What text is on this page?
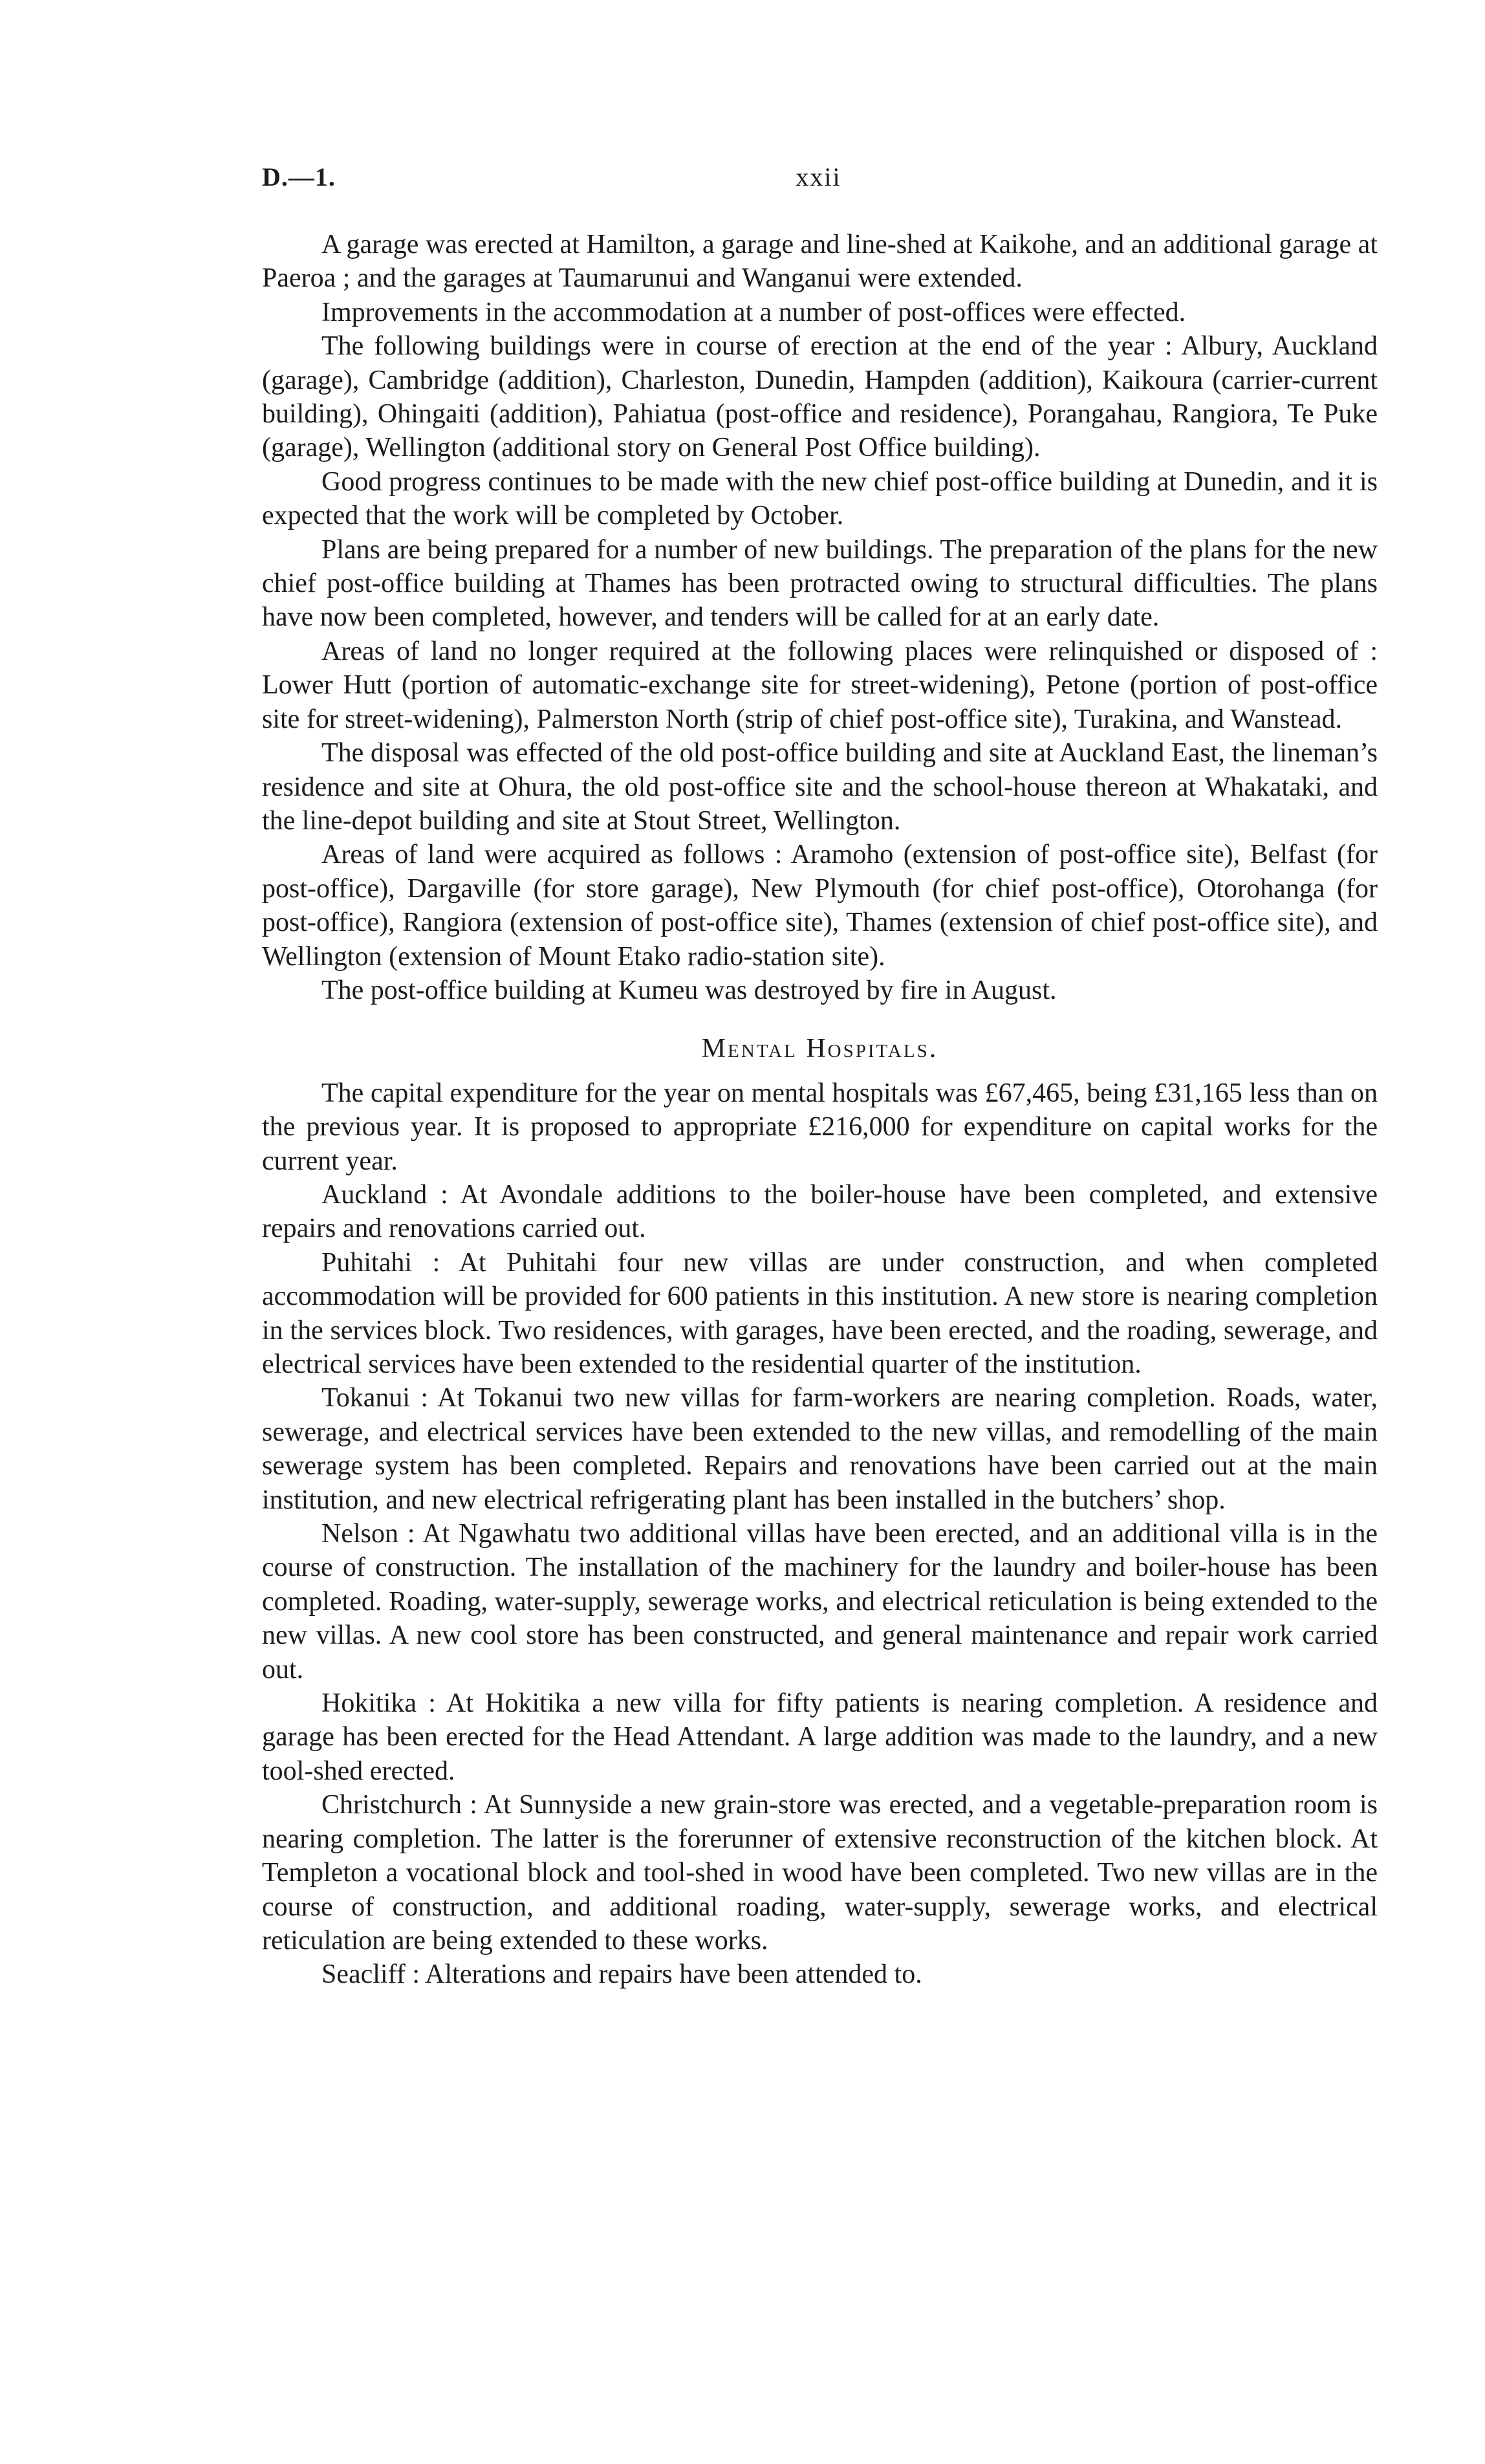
D.—1.	xxii

A garage was erected at Hamilton, a garage and line-shed at Kaikohe, and an additional garage at Paeroa ; and the garages at Taumarunui and Wanganui were extended.

Improvements in the accommodation at a number of post-offices were effected.

The following buildings were in course of erection at the end of the year : Albury, Auckland (garage), Cambridge (addition), Charleston, Dunedin, Hampden (addition), Kaikoura (carrier-current building), Ohingaiti (addition), Pahiatua (post-office and residence), Porangahau, Rangiora, Te Puke (garage), Wellington (additional story on General Post Office building).

Good progress continues to be made with the new chief post-office building at Dunedin, and it is expected that the work will be completed by October.

Plans are being prepared for a number of new buildings. The preparation of the plans for the new chief post-office building at Thames has been protracted owing to structural difficulties. The plans have now been completed, however, and tenders will be called for at an early date.

Areas of land no longer required at the following places were relinquished or disposed of : Lower Hutt (portion of automatic-exchange site for street-widening), Petone (portion of post-office site for street-widening), Palmerston North (strip of chief post-office site), Turakina, and Wanstead.

The disposal was effected of the old post-office building and site at Auckland East, the lineman’s residence and site at Ohura, the old post-office site and the school-house thereon at Whakataki, and the line-depot building and site at Stout Street, Wellington.

Areas of land were acquired as follows : Aramoho (extension of post-office site), Belfast (for post-office), Dargaville (for store garage), New Plymouth (for chief post-office), Otorohanga (for post-office), Rangiora (extension of post-office site), Thames (extension of chief post-office site), and Wellington (extension of Mount Etako radio-station site).

The post-office building at Kumeu was destroyed by fire in August.

Mental Hospitals.

The capital expenditure for the year on mental hospitals was £67,465, being £31,165 less than on the previous year. It is proposed to appropriate £216,000 for expenditure on capital works for the current year.

Auckland : At Avondale additions to the boiler-house have been completed, and extensive repairs and renovations carried out.

Puhitahi : At Puhitahi four new villas are under construction, and when completed accommodation will be provided for 600 patients in this institution. A new store is nearing completion in the services block. Two residences, with garages, have been erected, and the roading, sewerage, and electrical services have been extended to the residential quarter of the institution.

Tokanui : At Tokanui two new villas for farm-workers are nearing completion. Roads, water, sewerage, and electrical services have been extended to the new villas, and remodelling of the main sewerage system has been completed. Repairs and renovations have been carried out at the main institution, and new electrical refrigerating plant has been installed in the butchers’ shop.

Nelson : At Ngawhatu two additional villas have been erected, and an additional villa is in the course of construction. The installation of the machinery for the laundry and boiler-house has been completed. Roading, water-supply, sewerage works, and electrical reticulation is being extended to the new villas. A new cool store has been constructed, and general maintenance and repair work carried out.

Hokitika : At Hokitika a new villa for fifty patients is nearing completion. A residence and garage has been erected for the Head Attendant. A large addition was made to the laundry, and a new tool-shed erected.

Christchurch : At Sunnyside a new grain-store was erected, and a vegetable-preparation room is nearing completion. The latter is the forerunner of extensive reconstruction of the kitchen block. At Templeton a vocational block and tool-shed in wood have been completed. Two new villas are in the course of construction, and additional roading, water-supply, sewerage works, and electrical reticulation are being extended to these works.

Seacliff : Alterations and repairs have been attended to.
